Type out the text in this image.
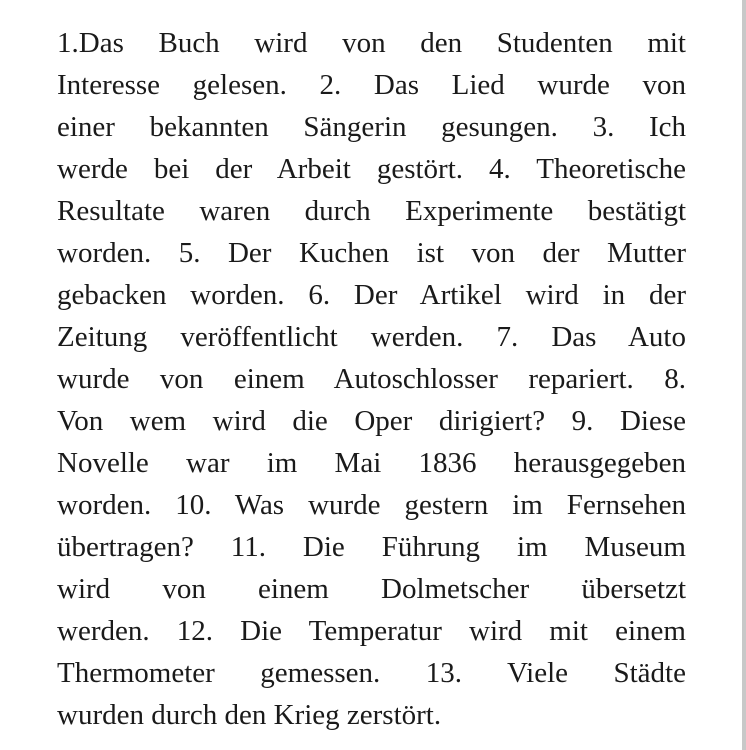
1.Das Buch wird von den Studenten mit
Interesse gelesen. 2. Das Lied wurde von
einer bekannten Sängerin gesungen. 3. Ich
werde bei der Arbeit gestört. 4. Theoretische
Resultate waren durch Experimente bestätigt
worden. 5. Der Kuchen ist von der Mutter
gebacken worden. 6. Der Artikel wird in der
Zeitung veröffentlicht werden. 7. Das Auto
wurde von einem Autoschlosser repariert. 8.
Von wem wird die Oper dirigiert? 9. Diese
Novelle war im Mai 1836 herausgegeben
worden. 10. Was wurde gestern im Fernsehen
übertragen? 11. Die Führung im Museum
wird von einem Dolmetscher übersetzt
werden. 12. Die Temperatur wird mit einem
Thermometer gemessen. 13. Viele Städte
wurden durch den Krieg zerstört.
